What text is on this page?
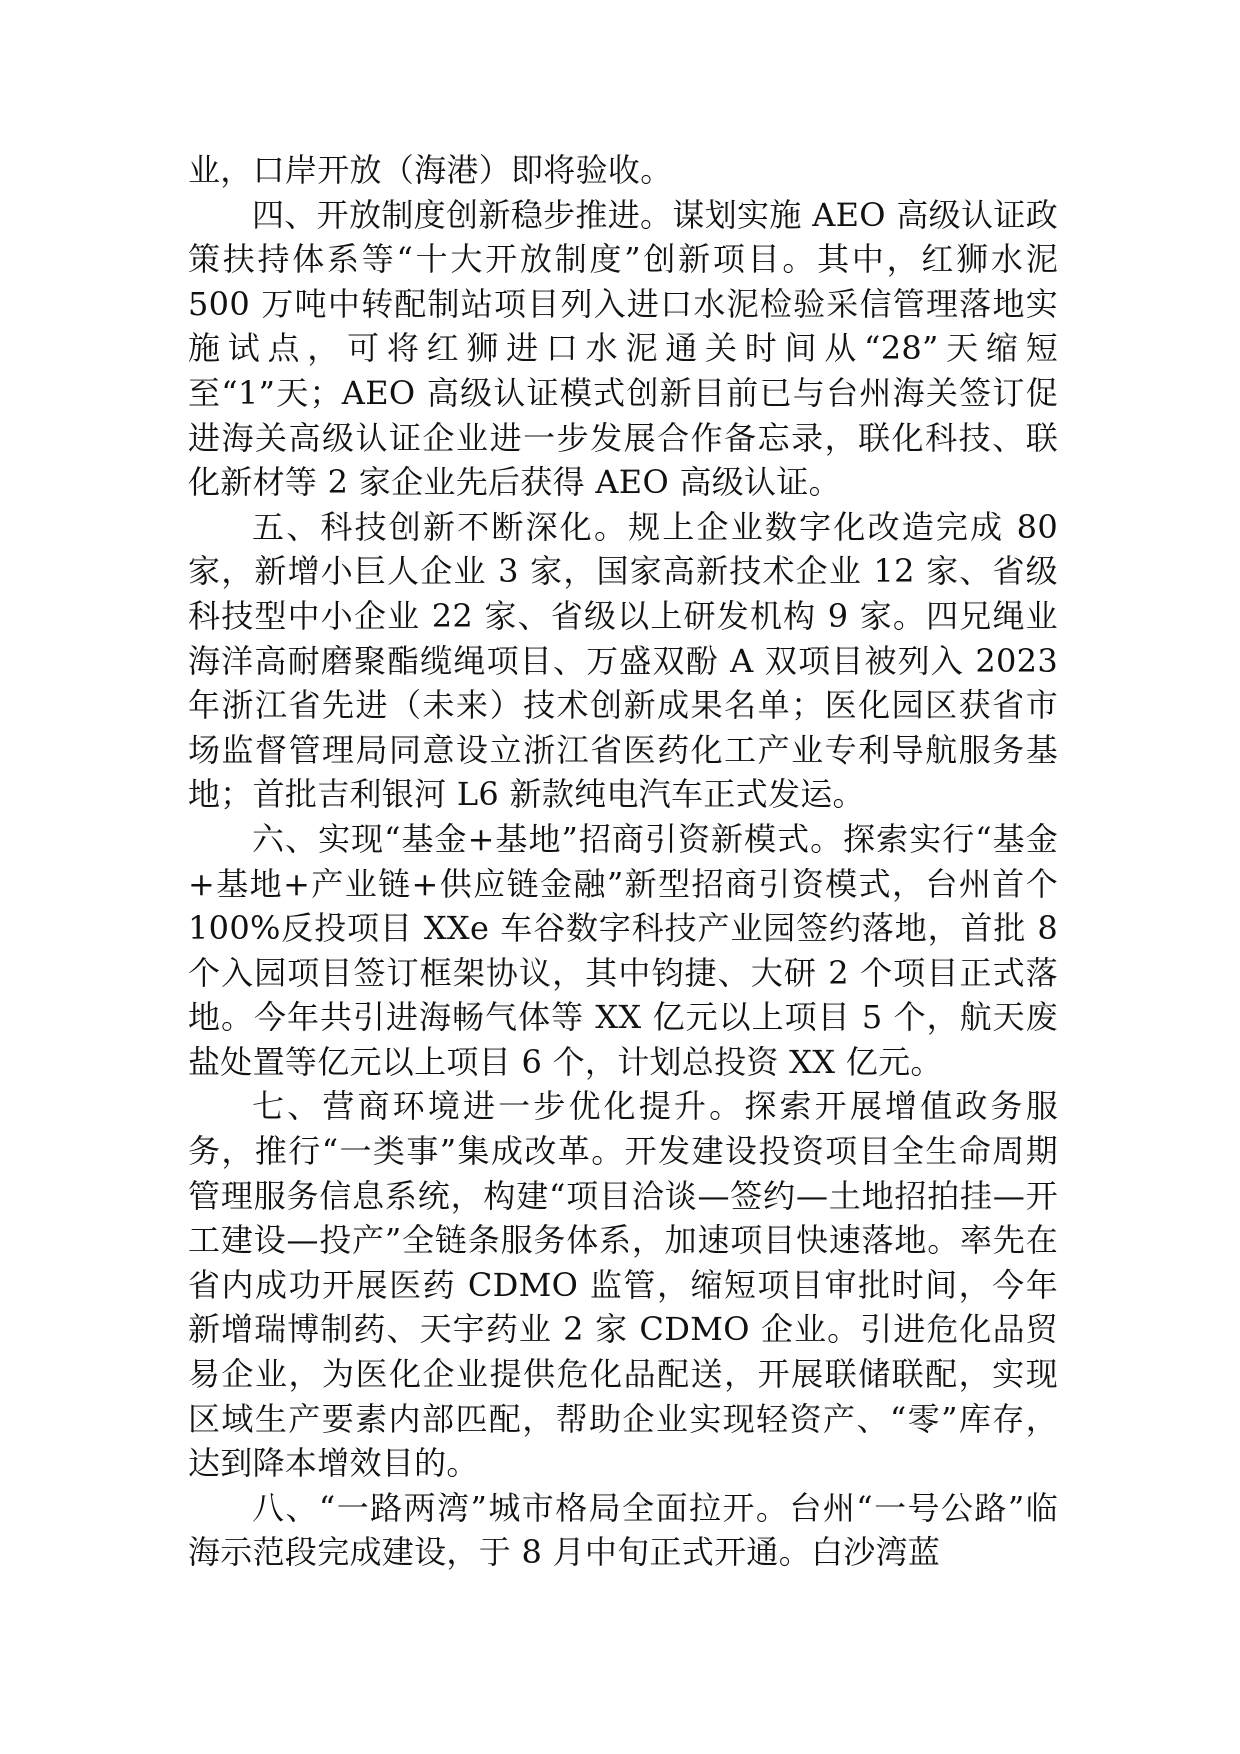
业，口岸开放（海港）即将验收。

四、开放制度创新稳步推进。谋划实施 AEO 高级认证政策扶持体系等“十大开放制度”创新项目。其中，红狮水泥 500 万吨中转配制站项目列入进口水泥检验采信管理落地实施试点，可将红狮进口水泥通关时间从“28”天缩短至“1”天；AEO 高级认证模式创新目前已与台州海关签订促进海关高级认证企业进一步发展合作备忘录，联化科技、联化新材等 2 家企业先后获得 AEO 高级认证。

五、科技创新不断深化。规上企业数字化改造完成 80 家，新增小巨人企业 3 家，国家高新技术企业 12 家、省级科技型中小企业 22 家、省级以上研发机构 9 家。四兄绳业海洋高耐磨聚酯缆绳项目、万盛双酚 A 双项目被列入 2023 年浙江省先进（未来）技术创新成果名单；医化园区获省市场监督管理局同意设立浙江省医药化工产业专利导航服务基地；首批吉利银河 L6 新款纯电汽车正式发运。

六、实现“基金+基地”招商引资新模式。探索实行“基金+基地+产业链+供应链金融”新型招商引资模式，台州首个 100%反投项目 XXe 车谷数字科技产业园签约落地，首批 8 个入园项目签订框架协议，其中钧捷、大研 2 个项目正式落地。今年共引进海畅气体等 XX 亿元以上项目 5 个，航天废盐处置等亿元以上项目 6 个，计划总投资 XX 亿元。

七、营商环境进一步优化提升。探索开展增值政务服务，推行“一类事”集成改革。开发建设投资项目全生命周期管理服务信息系统，构建“项目洽谈—签约—土地招拍挂—开工建设—投产”全链条服务体系，加速项目快速落地。率先在省内成功开展医药 CDMO 监管，缩短项目审批时间，今年新增瑞博制药、天宇药业 2 家 CDMO 企业。引进危化品贸易企业，为医化企业提供危化品配送，开展联储联配，实现区域生产要素内部匹配，帮助企业实现轻资产、“零”库存，达到降本增效目的。

八、“一路两湾”城市格局全面拉开。台州“一号公路”临海示范段完成建设，于 8 月中旬正式开通。白沙湾蓝
